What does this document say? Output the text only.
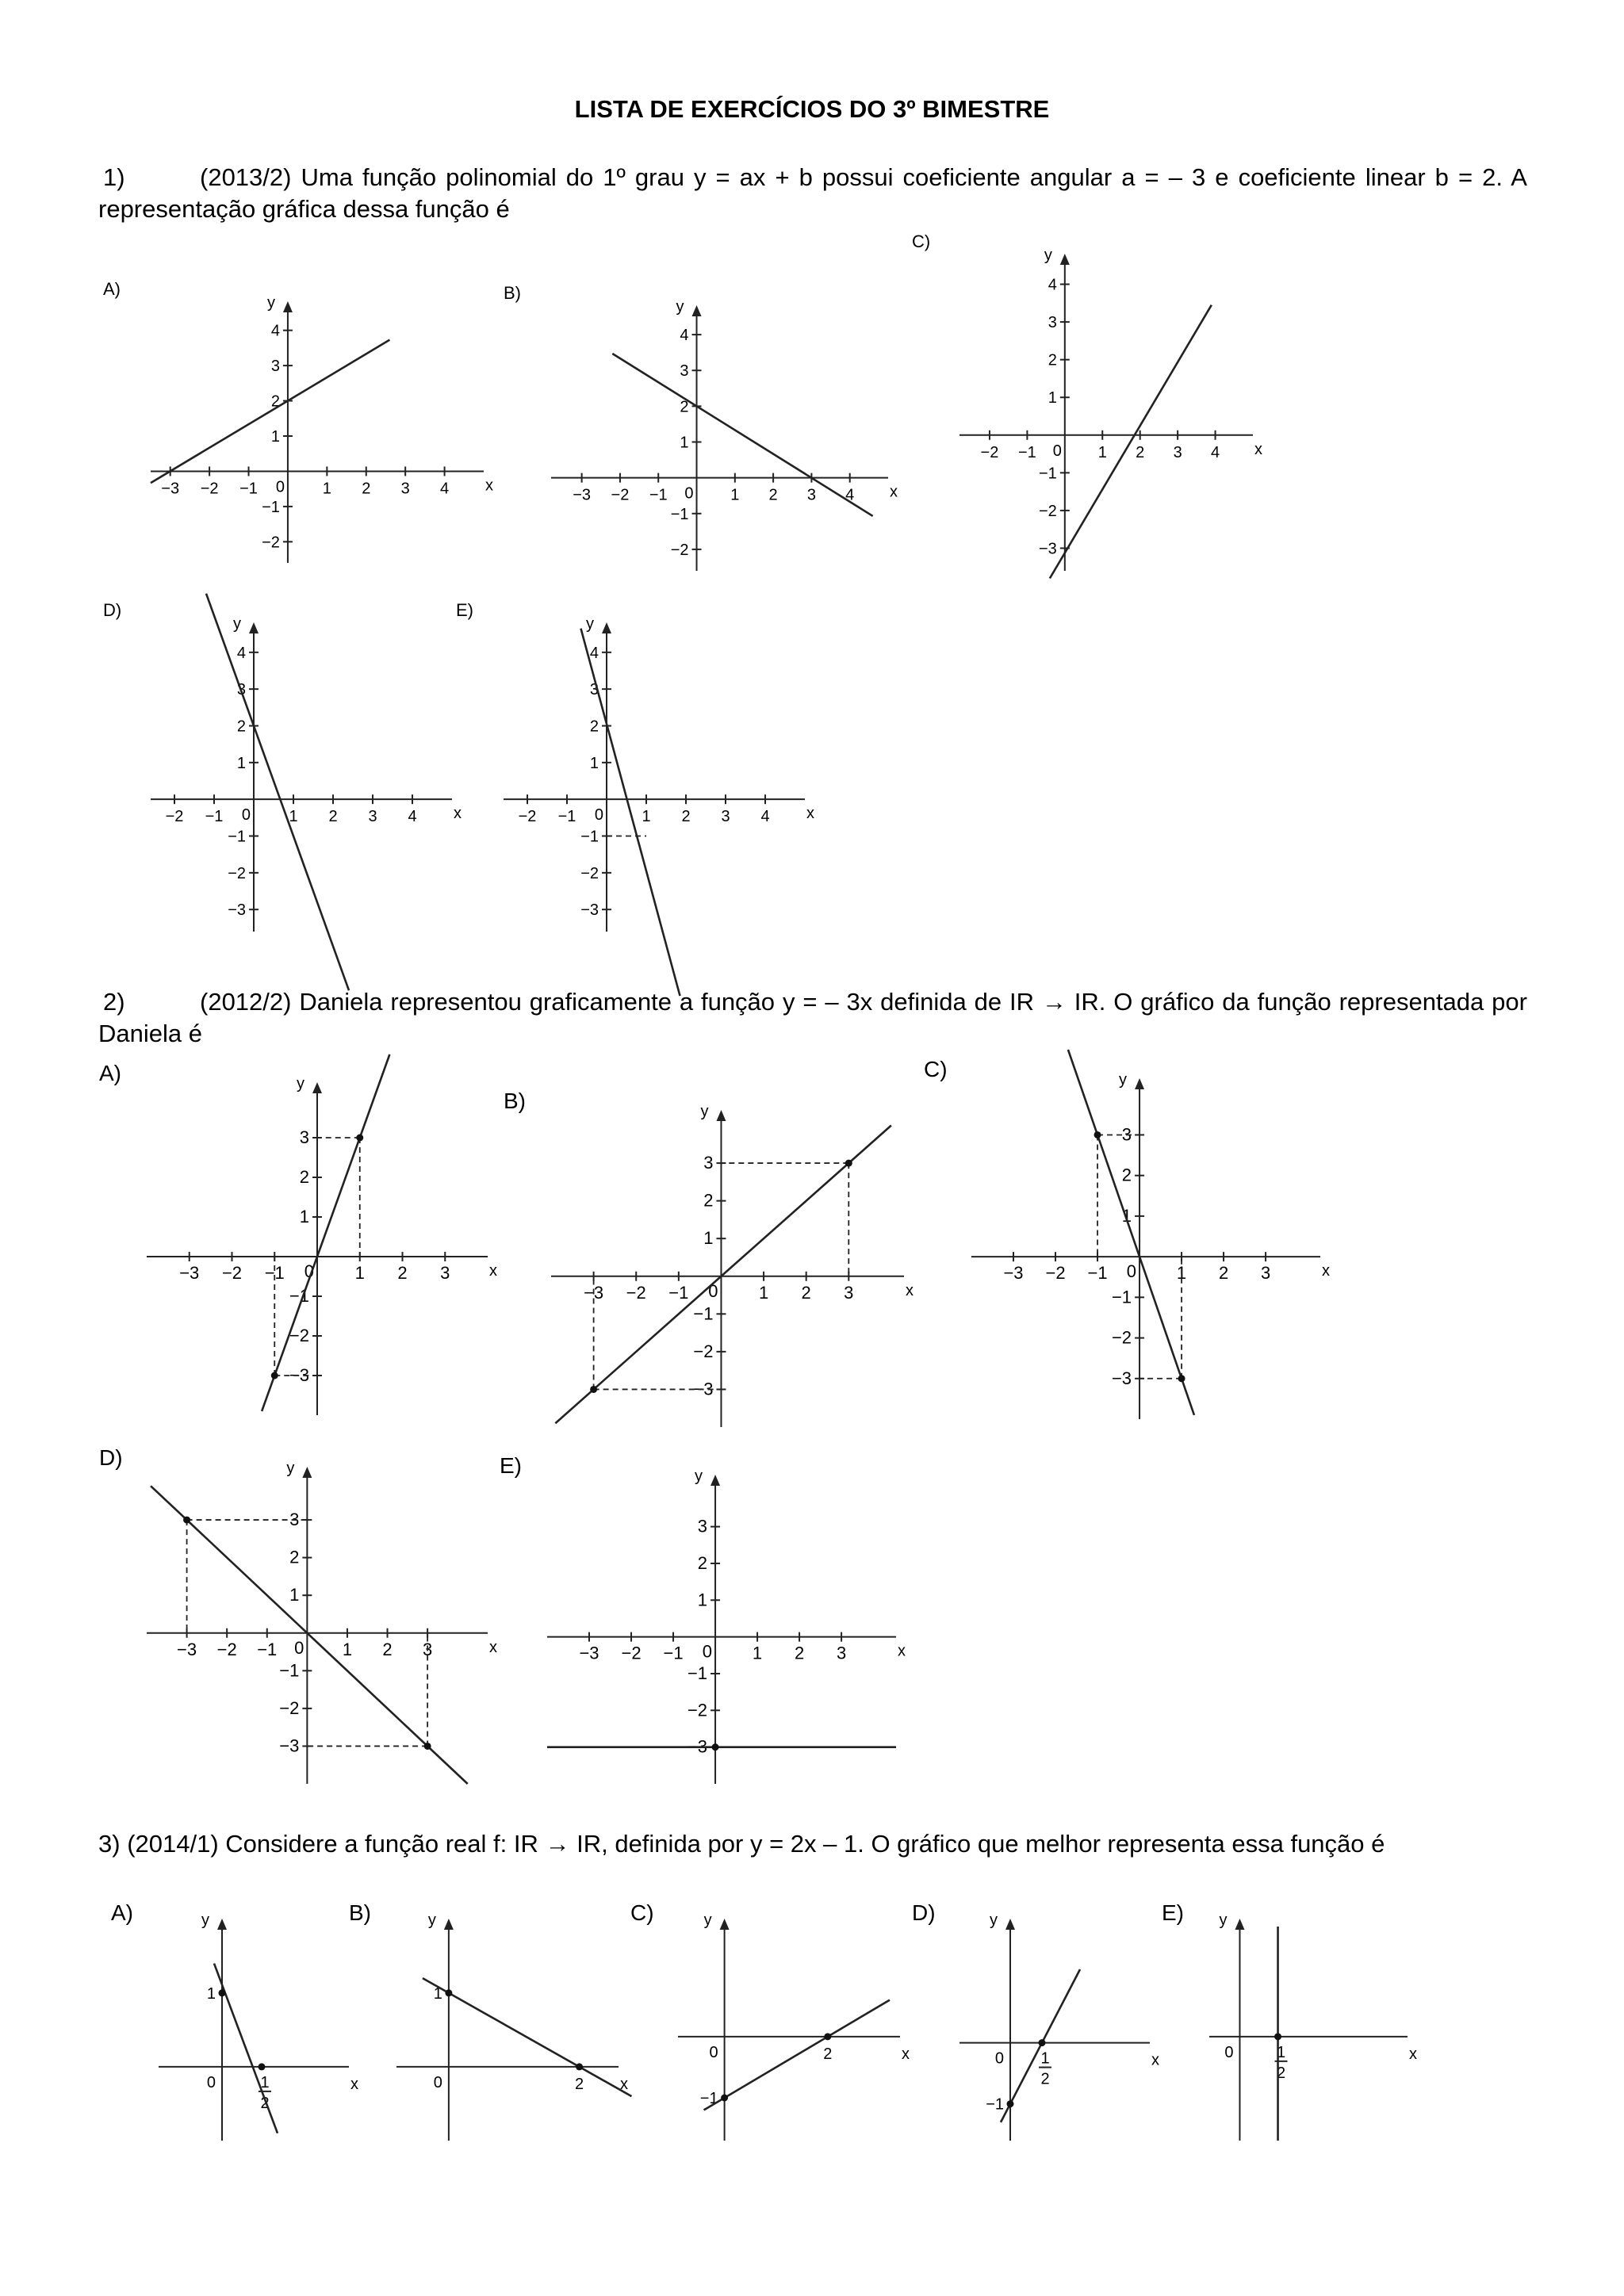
LISTA DE EXERCÍCIOS DO 3º BIMESTRE
1)	(2013/2) Uma função polinomial do 1º grau y = ax + b possui coeficiente angular a = – 3 e coeficiente linear b = 2. A representação gráfica dessa função é
2)	(2012/2) Daniela representou graficamente a função y = – 3x definida de IR → IR. O gráfico da função representada por Daniela é
3) (2014/1) Considere a função real f: IR → IR, definida por y = 2x – 1. O gráfico que melhor representa essa função é
A)
y
x
−3 −2 −1	1 2 3 4
−2
−1
1
2
3
4
0
B)
y
x
−3 −2 −1	1 2 3 4
−2
−1
1
2
3
4
0
C)
y
x
−2 −1	1 2 3 4
−3
−2
−1
1
2
3
4
0
D)
y
x
−2 −1	1 2 3 4
−3
−2
−1
1
2
3
4
0
E)
y
x
−2 −1	1 2 3 4
−3
−2
−1
1
2
3
4
0
A)	y
x
−3 −2 −1	1 2 3
−3
−2
−1
1
2
3
0
B)	y
x
−3 −2 −1	1 2 3
−3
−2
−1
1
2
3
0
C)	y
x
−3 −2 −1	1 2 3
−3
−2
−1
1
2
3
0
D)	y
x
−3 −2 −1	1 2 3
−3
−2
−1
1
2
3
0
E)	y
x
−3 −2 −1	1 2 3
−3
−2
−1
1
2
3
0
A)	y
x
0	1
2
1
B)	y
x
0	2
1
C)	y
x
0	2
−1
D)	y
x
0 1
2
−1
E) y
x
0	1
2
